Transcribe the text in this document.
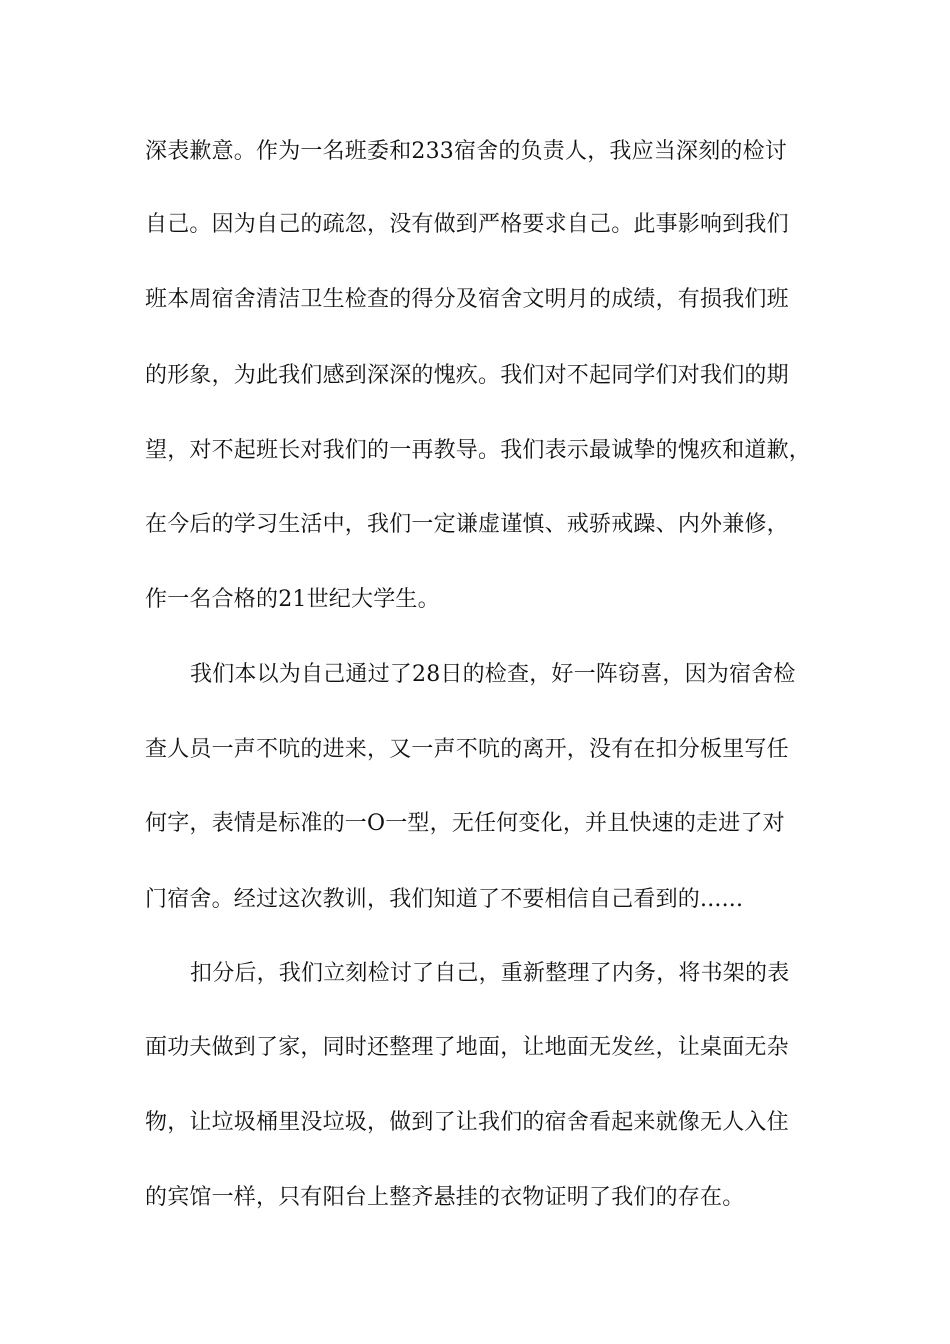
深表歉意。作为一名班委和233宿舍的负责人，我应当深刻的检讨
自己。因为自己的疏忽，没有做到严格要求自己。此事影响到我们
班本周宿舍清洁卫生检查的得分及宿舍文明月的成绩，有损我们班
的形象，为此我们感到深深的愧疚。我们对不起同学们对我们的期
望，对不起班长对我们的一再教导。我们表示最诚挚的愧疚和道歉，
在今后的学习生活中，我们一定谦虚谨慎、戒骄戒躁、内外兼修，
作一名合格的21世纪大学生。
我们本以为自己通过了28日的检查，好一阵窃喜，因为宿舍检
查人员一声不吭的进来，又一声不吭的离开，没有在扣分板里写任
何字，表情是标准的一O一型，无任何变化，并且快速的走进了对
门宿舍。经过这次教训，我们知道了不要相信自己看到的......
扣分后，我们立刻检讨了自己，重新整理了内务，将书架的表
面功夫做到了家，同时还整理了地面，让地面无发丝，让桌面无杂
物，让垃圾桶里没垃圾，做到了让我们的宿舍看起来就像无人入住
的宾馆一样，只有阳台上整齐悬挂的衣物证明了我们的存在。
